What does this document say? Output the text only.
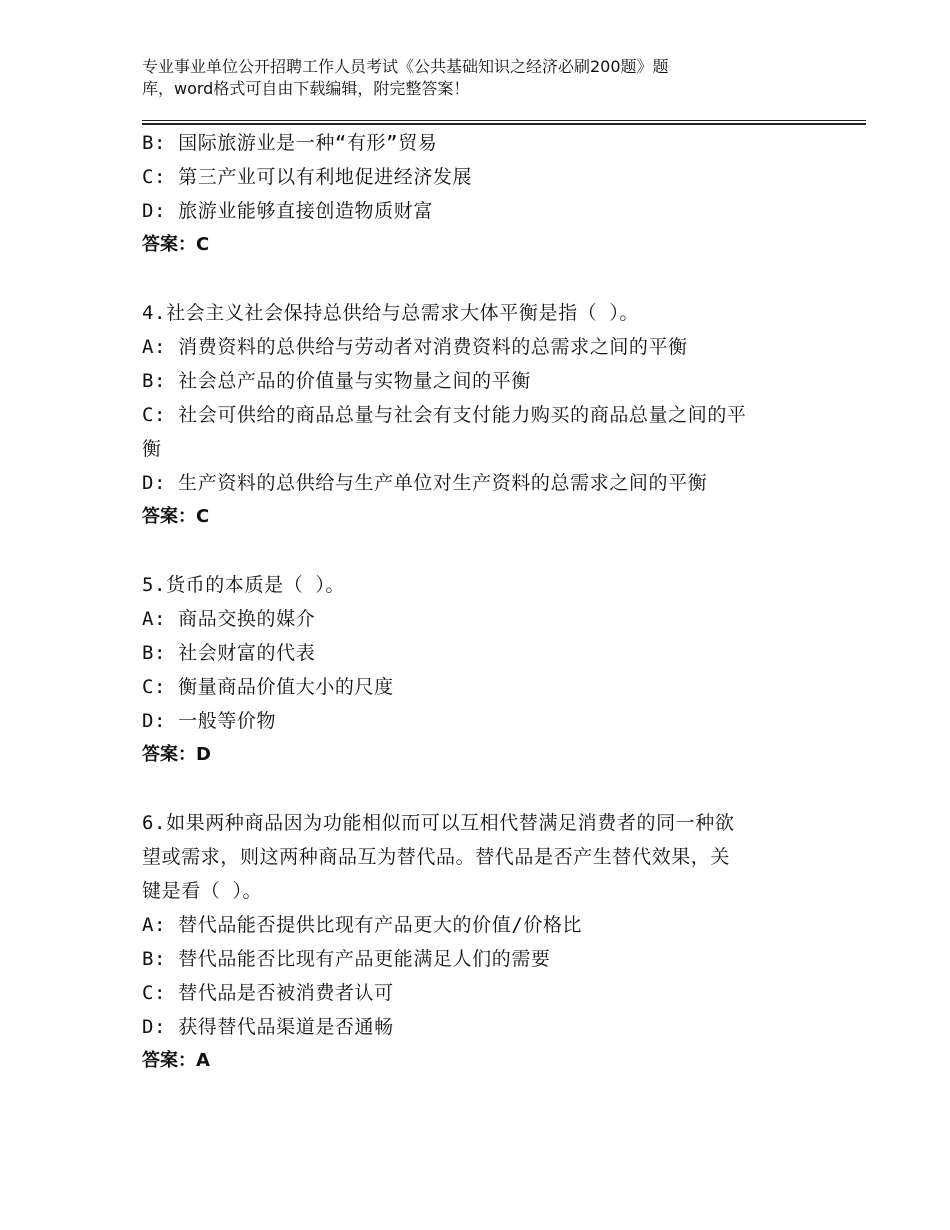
专业事业单位公开招聘工作人员考试《公共基础知识之经济必刷200题》题
库，word格式可自由下载编辑，附完整答案！
B: 国际旅游业是一种“有形”贸易
C: 第三产业可以有利地促进经济发展
D: 旅游业能够直接创造物质财富
答案：C
4.社会主义社会保持总供给与总需求大体平衡是指（ ）。
A: 消费资料的总供给与劳动者对消费资料的总需求之间的平衡
B: 社会总产品的价值量与实物量之间的平衡
C: 社会可供给的商品总量与社会有支付能力购买的商品总量之间的平
衡
D: 生产资料的总供给与生产单位对生产资料的总需求之间的平衡
答案：C
5.货币的本质是（ ）。
A: 商品交换的媒介
B: 社会财富的代表
C: 衡量商品价值大小的尺度
D: 一般等价物
答案：D
6.如果两种商品因为功能相似而可以互相代替满足消费者的同一种欲
望或需求，则这两种商品互为替代品。替代品是否产生替代效果，关
键是看（ ）。
A: 替代品能否提供比现有产品更大的价值/价格比
B: 替代品能否比现有产品更能满足人们的需要
C: 替代品是否被消费者认可
D: 获得替代品渠道是否通畅
答案：A
